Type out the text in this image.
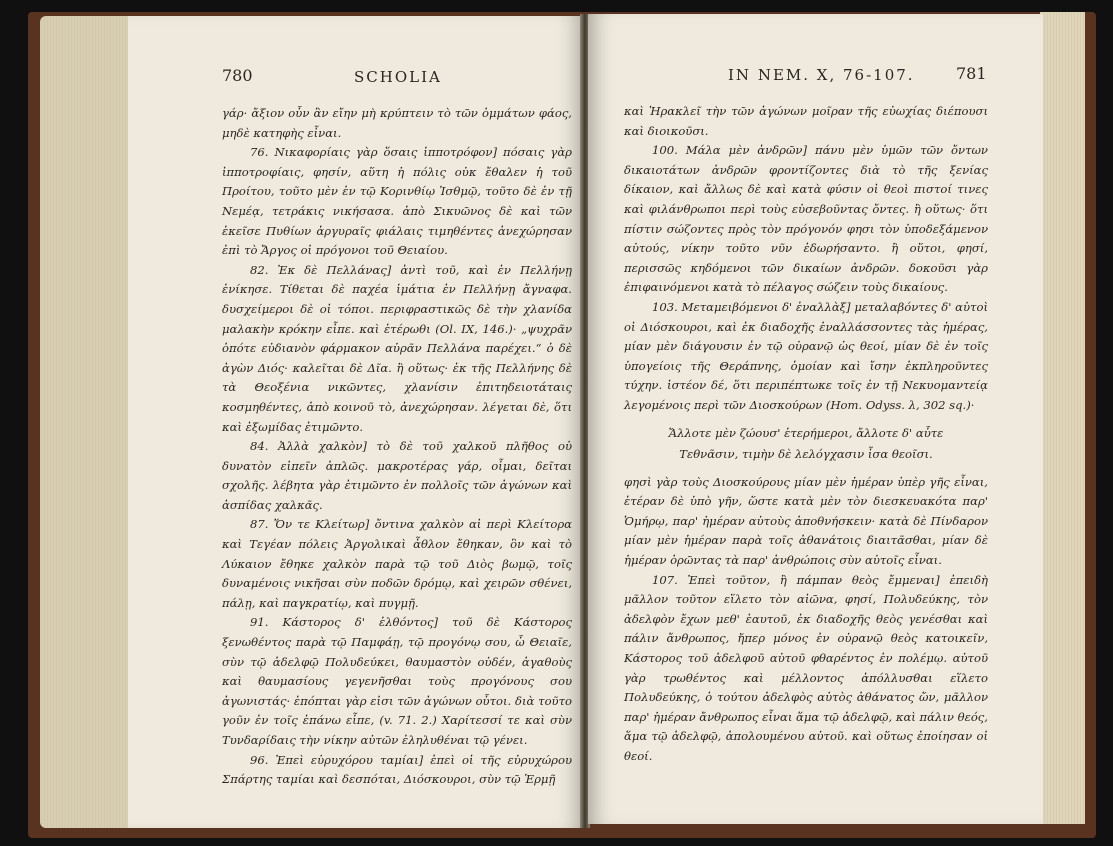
780	SCHOLIA

γάρ· ἄξιον οὖν ἂν εἴην μὴ κρύπτειν τὸ τῶν ὀμμάτων φάος, μηδὲ κατηφὴς εἶναι.

76. Νικαφορίαις γὰρ ὅσαις ἱπποτρόφον] πόσαις γὰρ ἱπποτροφίαις, φησίν, αὕτη ἡ πόλις οὐκ ἔθαλεν ἡ τοῦ Προίτου, τοῦτο μὲν ἐν τῷ Κορινθίῳ Ἰσθμῷ, τοῦτο δὲ ἐν τῇ Νεμέᾳ, τετράκις νικήσασα. ἀπὸ Σικυῶνος δὲ καὶ τῶν ἐκεῖσε Πυθίων ἀργυραῖς φιάλαις τιμηθέντες ἀνεχώρησαν ἐπὶ τὸ Ἄργος οἱ πρόγονοι τοῦ Θειαίου.

82. Ἐκ δὲ Πελλάνας] ἀντὶ τοῦ, καὶ ἐν Πελλήνῃ ἐνίκησε. Τίθεται δὲ παχέα ἱμάτια ἐν Πελλήνῃ ἄγναφα. δυσχείμεροι δὲ οἱ τόποι. περιφραστικῶς δὲ τὴν χλανίδα μαλακὴν κρόκην εἶπε. καὶ ἑτέρωθι (Ol. IX, 146.)· „ψυχρᾶν ὁπότε εὐδιανὸν φάρμακον αὐρᾶν Πελλάνα παρέχει.“ ὁ δὲ ἀγὼν Διός· καλεῖται δὲ Δῖα. ἢ οὕτως· ἐκ τῆς Πελλήνης δὲ τὰ Θεοξένια νικῶντες, χλανίσιν ἐπιτηδειοτάταις κοσμηθέντες, ἀπὸ κοινοῦ τὸ, ἀνεχώρησαν. λέγεται δὲ, ὅτι καὶ ἐξωμίδας ἐτιμῶντο.

84. Ἀλλὰ χαλκὸν] τὸ δὲ τοῦ χαλκοῦ πλῆθος οὐ δυνατὸν εἰπεῖν ἁπλῶς. μακροτέρας γάρ, οἶμαι, δεῖται σχολῆς. λέβητα γὰρ ἐτιμῶντο ἐν πολλοῖς τῶν ἀγώνων καὶ ἀσπίδας χαλκᾶς.

87. Ὅν τε Κλείτωρ] ὄντινα χαλκὸν αἱ περὶ Κλείτορα καὶ Τεγέαν πόλεις Ἀργολικαὶ ἆθλον ἔθηκαν, ὃν καὶ τὸ Λύκαιον ἔθηκε χαλκὸν παρὰ τῷ τοῦ Διὸς βωμῷ, τοῖς δυναμένοις νικῆσαι σὺν ποδῶν δρόμῳ, καὶ χειρῶν σθένει, πάλῃ, καὶ παγκρατίῳ, καὶ πυγμῇ.

91. Κάστορος δ' ἐλθόντος] τοῦ δὲ Κάστορος ξενωθέντος παρὰ τῷ Παμφάῃ, τῷ προγόνῳ σου, ὦ Θειαῖε, σὺν τῷ ἀδελφῷ Πολυδεύκει, θαυμαστὸν οὐδέν, ἀγαθοὺς καὶ θαυμασίους γεγενῆσθαι τοὺς προγόνους σου ἀγωνιστάς· ἐπόπται γὰρ εἰσι τῶν ἀγώνων οὗτοι. διὰ τοῦτο γοῦν ἐν τοῖς ἐπάνω εἶπε, (v. 71. 2.) Χαρίτεσσί τε καὶ σὺν Τυνδαρίδαις τὴν νίκην αὐτῶν ἐληλυθέναι τῷ γένει.

96. Ἐπεὶ εὐρυχόρου ταμίαι] ἐπεὶ οἱ τῆς εὐρυχώρου Σπάρτης ταμίαι καὶ δεσπόται, Διόσκουροι, σὺν τῷ Ἑρμῇ

IN NEM. X, 76-107.	781

καὶ Ἡρακλεῖ τὴν τῶν ἀγώνων μοῖραν τῆς εὐωχίας διέπουσι καὶ διοικοῦσι.

100. Μάλα μὲν ἀνδρῶν] πάνυ μὲν ὑμῶν τῶν ὄντων δικαιοτάτων ἀνδρῶν φροντίζοντες διὰ τὸ τῆς ξενίας δίκαιον, καὶ ἄλλως δὲ καὶ κατὰ φύσιν οἱ θεοὶ πιστοί τινες καὶ φιλάνθρωποι περὶ τοὺς εὐσεβοῦντας ὄντες. ἢ οὕτως· ὅτι πίστιν σώζοντες πρὸς τὸν πρόγονόν φησι τὸν ὑποδεξάμενον αὐτούς, νίκην τοῦτο νῦν ἐδωρήσαντο. ἢ οὕτοι, φησί, περισσῶς κηδόμενοι τῶν δικαίων ἀνδρῶν. δοκοῦσι γὰρ ἐπιφαινόμενοι κατὰ τὸ πέλαγος σώζειν τοὺς δικαίους.

103. Μεταμειβόμενοι δ' ἐναλλὰξ] μεταλαβόντες δ' αὐτοὶ οἱ Διόσκουροι, καὶ ἐκ διαδοχῆς ἐναλλάσσοντες τὰς ἡμέρας, μίαν μὲν διάγουσιν ἐν τῷ οὐρανῷ ὡς θεοί, μίαν δὲ ἐν τοῖς ὑπογείοις τῆς Θεράπνης, ὁμοίαν καὶ ἴσην ἐκπληροῦντες τύχην. ἰστέον δέ, ὅτι περιπέπτωκε τοῖς ἐν τῇ Νεκυομαντείᾳ λεγομένοις περὶ τῶν Διοσκούρων (Hom. Odyss. λ, 302 sq.)·

Ἄλλοτε μὲν ζώουσ' ἑτερήμεροι, ἄλλοτε δ' αὖτε

Τεθνᾶσιν, τιμὴν δὲ λελόγχασιν ἶσα θεοῖσι.

φησὶ γὰρ τοὺς Διοσκούρους μίαν μὲν ἡμέραν ὑπὲρ γῆς εἶναι, ἑτέραν δὲ ὑπὸ γῆν, ὥστε κατὰ μὲν τὸν διεσκευακότα παρ' Ὁμήρῳ, παρ' ἡμέραν αὐτοὺς ἀποθνήσκειν· κατὰ δὲ Πίνδαρον μίαν μὲν ἡμέραν παρὰ τοῖς ἀθανάτοις διαιτᾶσθαι, μίαν δὲ ἡμέραν ὁρῶντας τὰ παρ' ἀνθρώποις σὺν αὐτοῖς εἶναι.

107. Ἐπεὶ τοῦτον, ἢ πάμπαν θεὸς ἔμμεναι] ἐπειδὴ μᾶλλον τοῦτον εἵλετο τὸν αἰῶνα, φησί, Πολυδεύκης, τὸν ἀδελφὸν ἔχων μεθ' ἑαυτοῦ, ἐκ διαδοχῆς θεὸς γενέσθαι καὶ πάλιν ἄνθρωπος, ἤπερ μόνος ἐν οὐρανῷ θεὸς κατοικεῖν, Κάστορος τοῦ ἀδελφοῦ αὐτοῦ φθαρέντος ἐν πολέμῳ. αὐτοῦ γὰρ τρωθέντος καὶ μέλλοντος ἀπόλλυσθαι εἵλετο Πολυδεύκης, ὁ τούτου ἀδελφὸς αὐτὸς ἀθάνατος ὤν, μᾶλλον παρ' ἡμέραν ἄνθρωπος εἶναι ἅμα τῷ ἀδελφῷ, καὶ πάλιν θεός, ἅμα τῷ ἀδελφῷ, ἀπολουμένου αὐτοῦ. καὶ οὕτως ἐποίησαν οἱ θεοί.
